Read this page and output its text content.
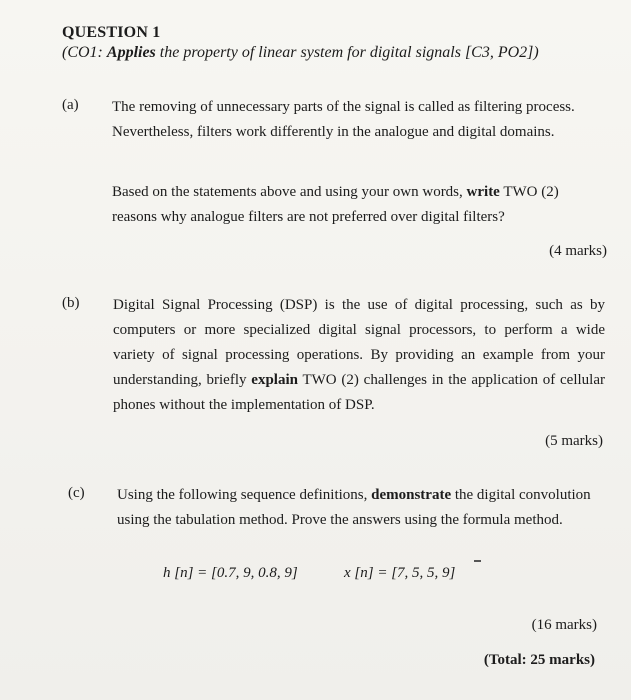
QUESTION 1
(CO1: Applies the property of linear system for digital signals [C3, PO2])
(a) The removing of unnecessary parts of the signal is called as filtering process.
Nevertheless, filters work differently in the analogue and digital domains.
Based on the statements above and using your own words, write TWO (2)
reasons why analogue filters are not preferred over digital filters?
(4 marks)
(b) Digital Signal Processing (DSP) is the use of digital processing, such as by
computers or more specialized digital signal processors, to perform a wide
variety of signal processing operations. By providing an example from your
understanding, briefly explain TWO (2) challenges in the application of cellular
phones without the implementation of DSP.
(5 marks)
(c) Using the following sequence definitions, demonstrate the digital convolution
using the tabulation method. Prove the answers using the formula method.
h [n] = [0.7, 9, 0.8, 9]	x [n] = [7, 5, 5, 9]
(16 marks)
(Total: 25 marks)
